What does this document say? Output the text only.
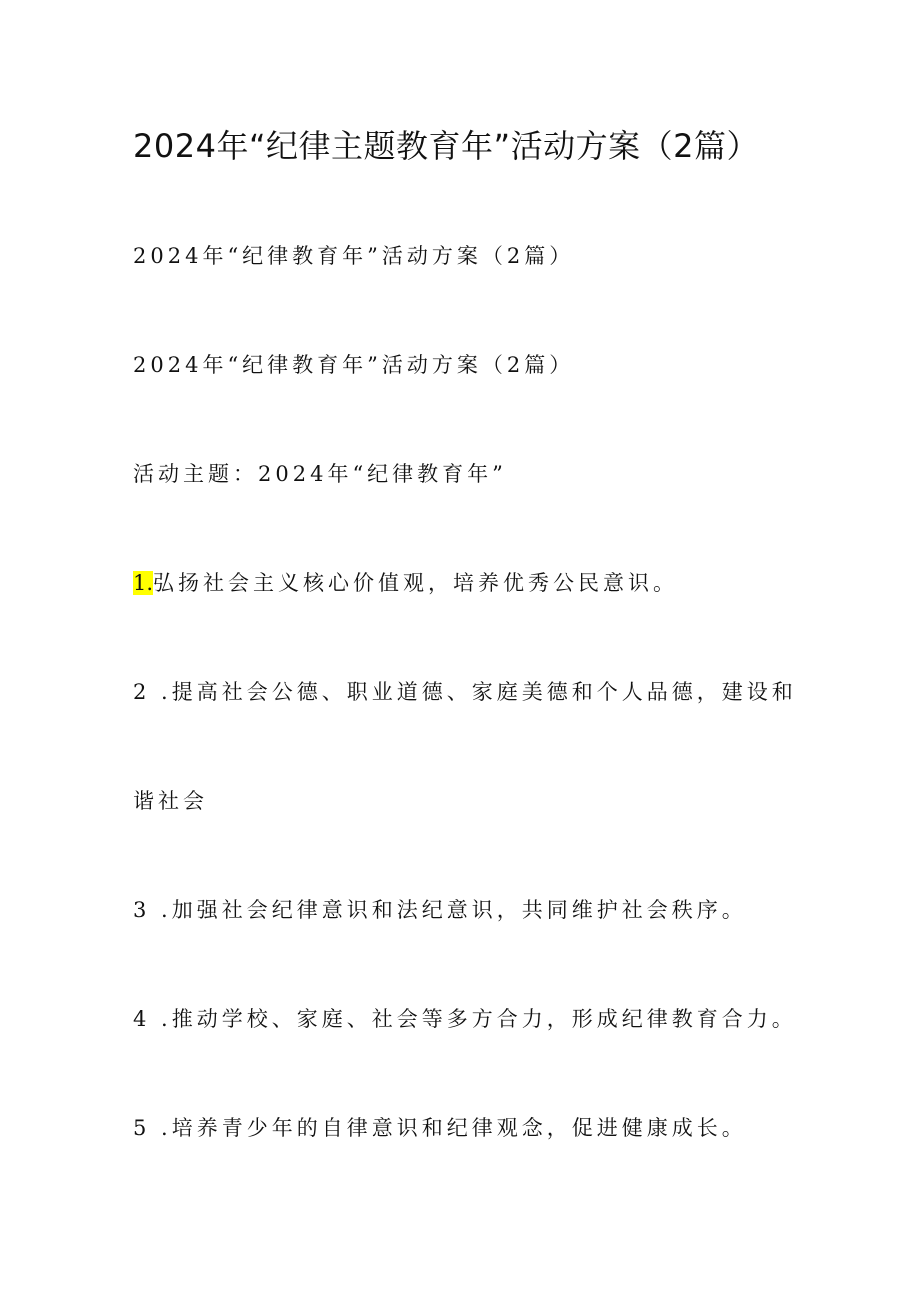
2024年“纪律主题教育年”活动方案（2篇）
2024年“纪律教育年”活动方案（2篇）
2024年“纪律教育年”活动方案（2篇）
活动主题：2024年“纪律教育年”
1.弘扬社会主义核心价值观，培养优秀公民意识。
2 .提高社会公德、职业道德、家庭美德和个人品德，建设和
谐社会
3 .加强社会纪律意识和法纪意识，共同维护社会秩序。
4 .推动学校、家庭、社会等多方合力，形成纪律教育合力。
5 .培养青少年的自律意识和纪律观念，促进健康成长。
